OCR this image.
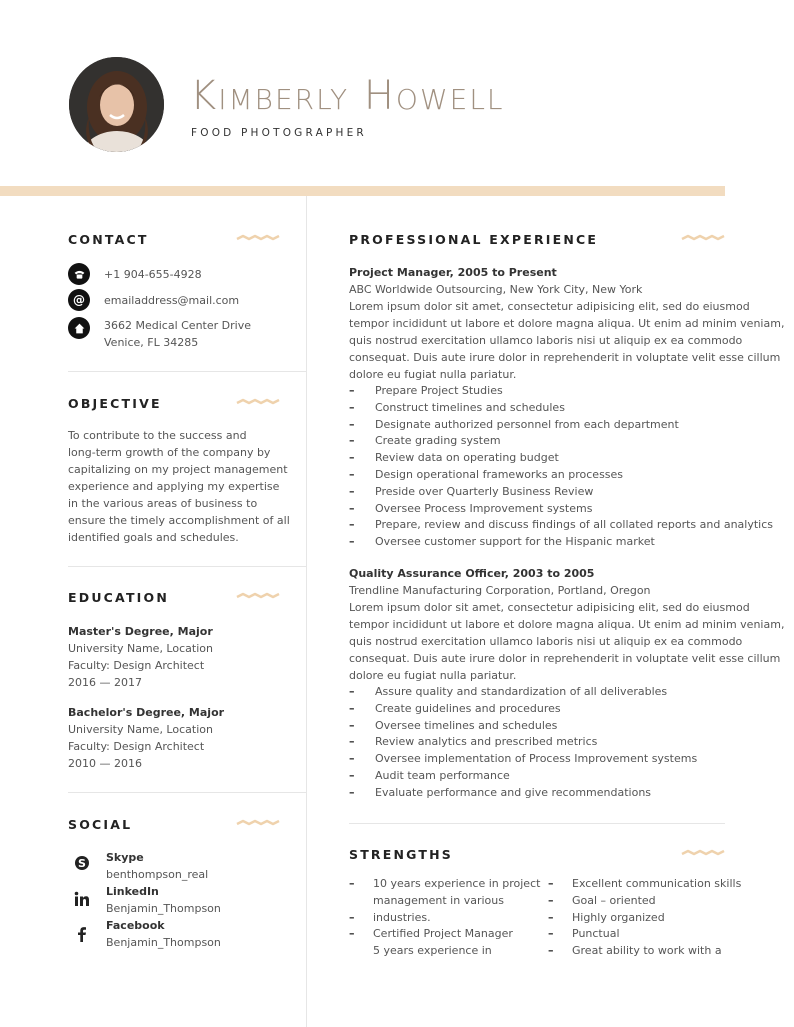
Kimberly Howell
FOOD PHOTOGRAPHER
CONTACT
+1 904-655-4928
@ emailaddress@mail.com
3662 Medical Center Drive
Venice, FL 34285
OBJECTIVE
To contribute to the success and
long-term growth of the company by
capitalizing on my project management
experience and applying my expertise
in the various areas of business to
ensure the timely accomplishment of all
identified goals and schedules.
EDUCATION
Master's Degree, Major
University Name, Location
Faculty: Design Architect
2016 — 2017
Bachelor's Degree, Major
University Name, Location
Faculty: Design Architect
2010 — 2016
SOCIAL
S Skype
benthompson_real
LinkedIn
Benjamin_Thompson
Facebook
Benjamin_Thompson
PROFESSIONAL EXPERIENCE
Project Manager, 2005 to Present
ABC Worldwide Outsourcing, New York City, New York
Lorem ipsum dolor sit amet, consectetur adipisicing elit, sed do eiusmod
tempor incididunt ut labore et dolore magna aliqua. Ut enim ad minim veniam,
quis nostrud exercitation ullamco laboris nisi ut aliquip ex ea commodo
consequat. Duis aute irure dolor in reprehenderit in voluptate velit esse cillum
dolore eu fugiat nulla pariatur.
– Prepare Project Studies
– Construct timelines and schedules
– Designate authorized personnel from each department
– Create grading system
– Review data on operating budget
– Design operational frameworks an processes
– Preside over Quarterly Business Review
– Oversee Process Improvement systems
– Prepare, review and discuss findings of all collated reports and analytics
– Oversee customer support for the Hispanic market
Quality Assurance Officer, 2003 to 2005
Trendline Manufacturing Corporation, Portland, Oregon
Lorem ipsum dolor sit amet, consectetur adipisicing elit, sed do eiusmod
tempor incididunt ut labore et dolore magna aliqua. Ut enim ad minim veniam,
quis nostrud exercitation ullamco laboris nisi ut aliquip ex ea commodo
consequat. Duis aute irure dolor in reprehenderit in voluptate velit esse cillum
dolore eu fugiat nulla pariatur.
– Assure quality and standardization of all deliverables
– Create guidelines and procedures
– Oversee timelines and schedules
– Review analytics and prescribed metrics
– Oversee implementation of Process Improvement systems
– Audit team performance
– Evaluate performance and give recommendations
STRENGTHS
– 10 years experience in project
management in various
– industries.
– Certified Project Manager
5 years experience in
– Excellent communication skills
– Goal – oriented
– Highly organized
– Punctual
– Great ability to work with a
